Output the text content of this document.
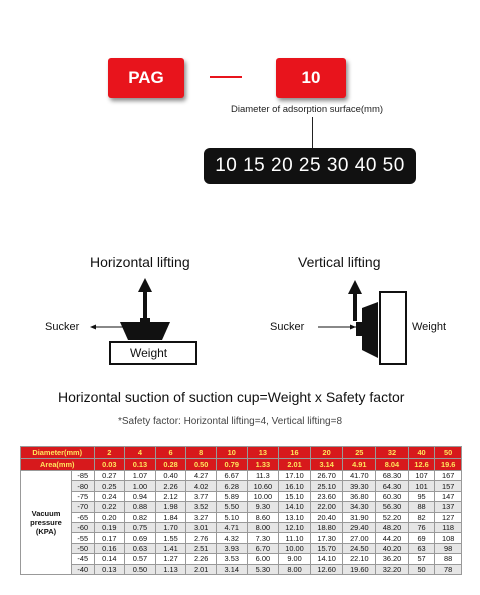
PAG	10
Diameter of adsorption surface(mm)
10 15 20 25 30 40 50
Horizontal lifting
Sucker
Weight
Vertical lifting
Sucker	Weight
Horizontal suction of suction cup=Weight x Safety factor
*Safety factor: Horizontal lifting=4, Vertical lifting=8
Diameter(mm)		2	4	6	8	10	13	16	20	25	32	40	50
Area(mm)		0.03	0.13	0.28	0.50	0.79	1.33	2.01	3.14	4.91	8.04	12.6	19.6
Vacuum pressure (KPA)	-85	0.27	1.07	0.40	4.27	6.67	11.3	17.10	26.70	41.70	68.30	107	167
	-80	0.25	1.00	2.26	4.02	6.28	10.60	16.10	25.10	39.30	64.30	101	157
	-75	0.24	0.94	2.12	3.77	5.89	10.00	15.10	23.60	36.80	60.30	95	147
	-70	0.22	0.88	1.98	3.52	5.50	9.30	14.10	22.00	34.30	56.30	88	137
	-65	0.20	0.82	1.84	3.27	5.10	8.60	13.10	20.40	31.90	52.20	82	127
	-60	0.19	0.75	1.70	3.01	4.71	8.00	12.10	18.80	29.40	48.20	76	118
	-55	0.17	0.69	1.55	2.76	4.32	7.30	11.10	17.30	27.00	44.20	69	108
	-50	0.16	0.63	1.41	2.51	3.93	6.70	10.00	15.70	24.50	40.20	63	98
	-45	0.14	0.57	1.27	2.26	3.53	6.00	9.00	14.10	22.10	36.20	57	88
	-40	0.13	0.50	1.13	2.01	3.14	5.30	8.00	12.60	19.60	32.20	50	78
